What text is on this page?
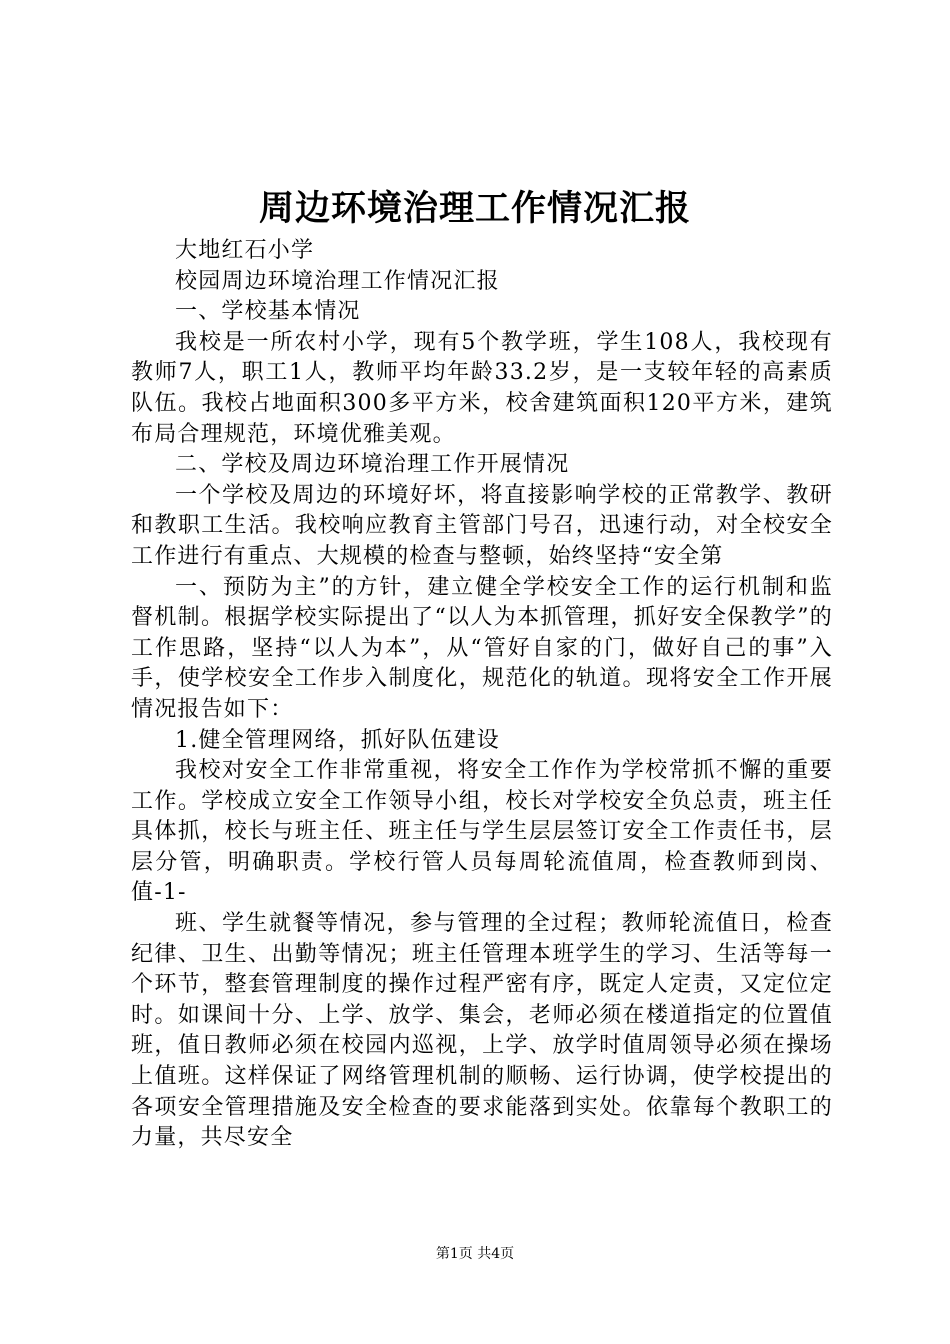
周边环境治理工作情况汇报

大地红石小学

校园周边环境治理工作情况汇报

一、学校基本情况

我校是一所农村小学，现有5个教学班，学生108人，我校现有教师7人，职工1人，教师平均年龄33.2岁，是一支较年轻的高素质队伍。我校占地面积300多平方米，校舍建筑面积120平方米，建筑布局合理规范，环境优雅美观。

二、学校及周边环境治理工作开展情况

一个学校及周边的环境好坏，将直接影响学校的正常教学、教研和教职工生活。我校响应教育主管部门号召，迅速行动，对全校安全工作进行有重点、大规模的检查与整顿，始终坚持“安全第

一、预防为主”的方针，建立健全学校安全工作的运行机制和监督机制。根据学校实际提出了“以人为本抓管理，抓好安全保教学”的工作思路，坚持“以人为本”，从“管好自家的门，做好自己的事”入手，使学校安全工作步入制度化，规范化的轨道。现将安全工作开展情况报告如下：

1.健全管理网络，抓好队伍建设

我校对安全工作非常重视，将安全工作作为学校常抓不懈的重要工作。学校成立安全工作领导小组，校长对学校安全负总责，班主任具体抓，校长与班主任、班主任与学生层层签订安全工作责任书，层层分管，明确职责。学校行管人员每周轮流值周，检查教师到岗、值-1-

班、学生就餐等情况，参与管理的全过程；教师轮流值日，检查纪律、卫生、出勤等情况；班主任管理本班学生的学习、生活等每一个环节，整套管理制度的操作过程严密有序，既定人定责，又定位定时。如课间十分、上学、放学、集会，老师必须在楼道指定的位置值班，值日教师必须在校园内巡视，上学、放学时值周领导必须在操场上值班。这样保证了网络管理机制的顺畅、运行协调，使学校提出的各项安全管理措施及安全检查的要求能落到实处。依靠每个教职工的力量，共尽安全

第1页 共4页
